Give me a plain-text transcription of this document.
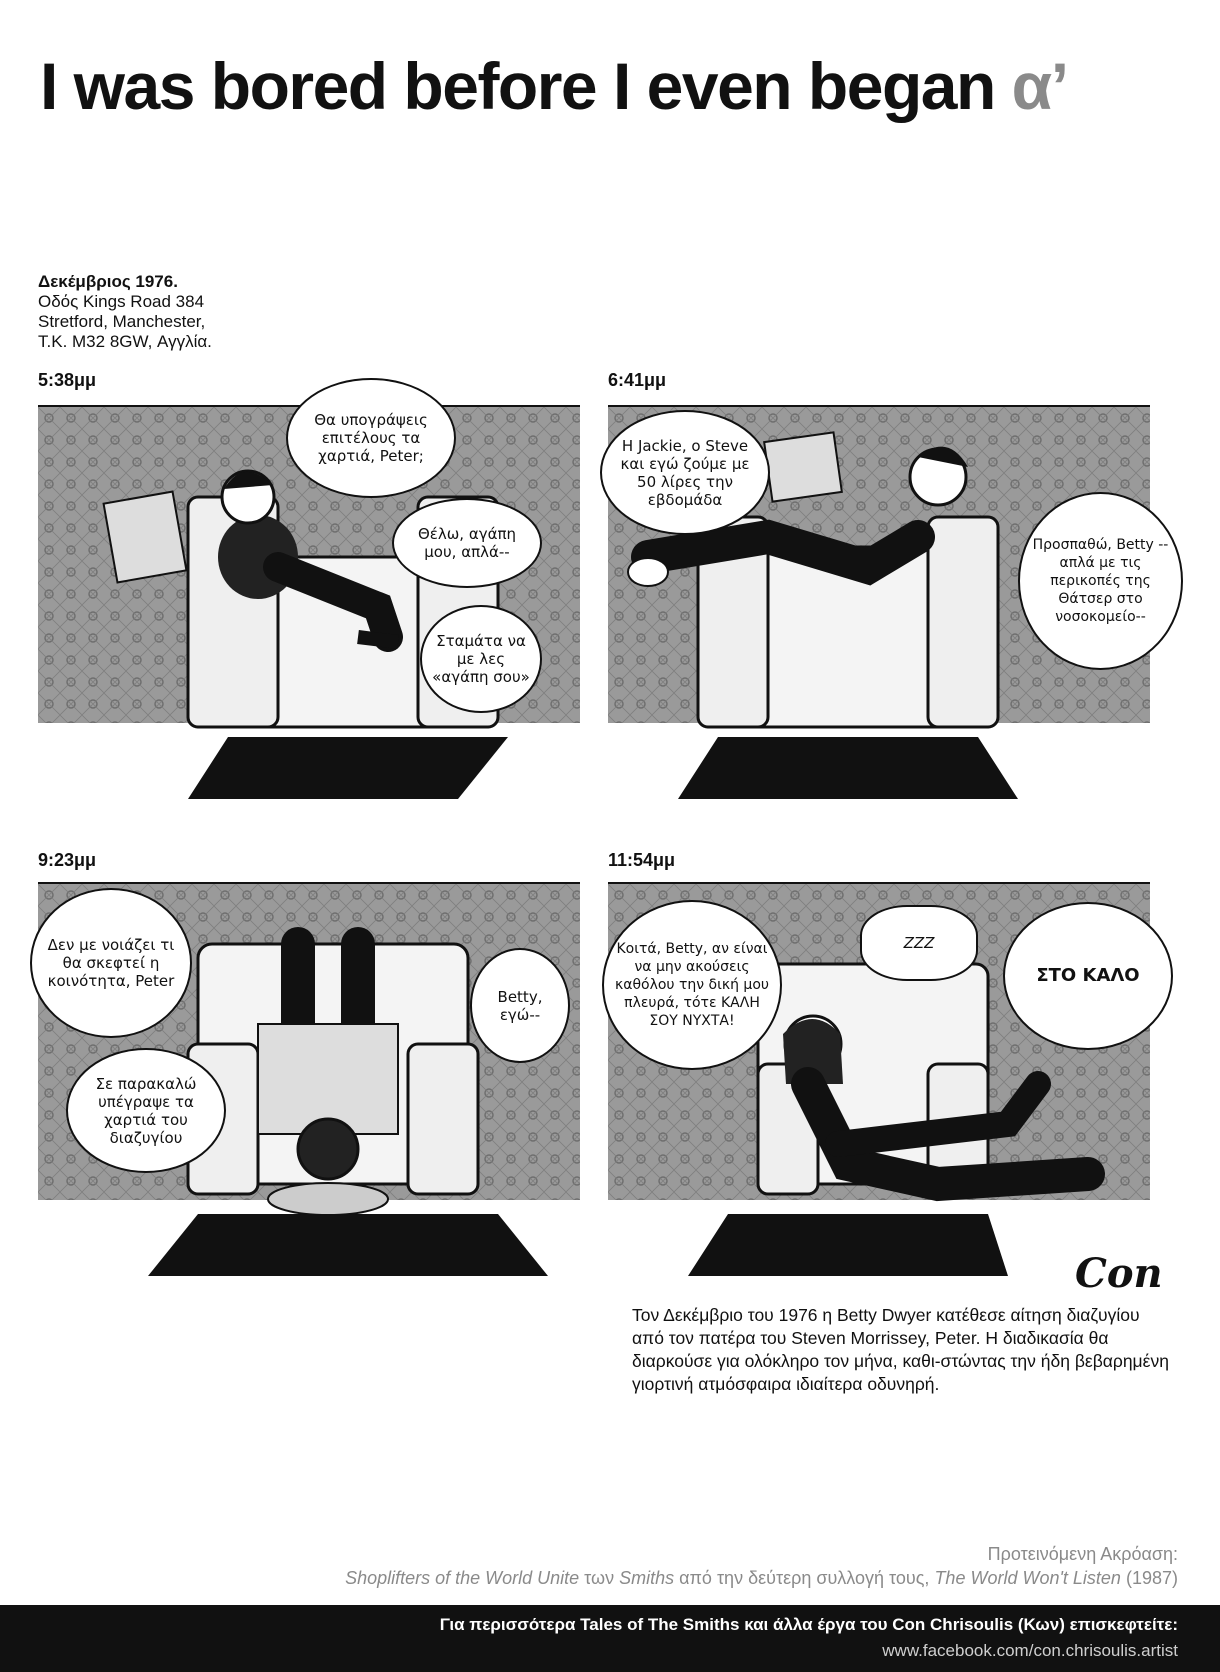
I was bored before I even began α’
Δεκέμβριος 1976.
Οδός Kings Road 384
Stretford, Manchester,
Τ.Κ. M32 8GW, Αγγλία.
5:38μμ
Θα υπογράψεις επιτέλους τα χαρτιά, Peter;
Θέλω, αγάπη μου, απλά--
Σταμάτα να με λες «αγάπη σου»
6:41μμ
Η Jackie, ο Steve και εγώ ζούμε με 50 λίρες την εβδομάδα
Προσπαθώ, Betty --απλά με τις περικοπές της Θάτσερ στο νοσοκομείο--
9:23μμ
Δεν με νοιάζει τι θα σκεφτεί η κοινότητα, Peter
Σε παρακαλώ υπέγραψε τα χαρτιά του διαζυγίου
Betty, εγώ--
11:54μμ
Κοιτά, Betty, αν είναι να μην ακούσεις καθόλου την δική μου πλευρά, τότε ΚΑΛΗ ΣΟΥ ΝΥΧΤΑ!
ΖΖΖ
ΣΤΟ ΚΑΛΟ
Con
Τον Δεκέμβριο του 1976 η Betty Dwyer κατέθεσε αίτηση διαζυγίου από τον πατέρα του Steven Morrissey, Peter. Η διαδικασία θα διαρκούσε για ολόκληρο τον μήνα, καθι-στώντας την ήδη βεβαρημένη γιορτινή ατμόσφαιρα ιδιαίτερα οδυνηρή.
Προτεινόμενη Ακρόαση:
Shoplifters of the World Unite των Smiths από την δεύτερη συλλογή τους, The World Won't Listen (1987)
Για περισσότερα Tales of The Smiths και άλλα έργα του Con Chrisoulis (Κων) επισκεφτείτε:
www.facebook.com/con.chrisoulis.artist
